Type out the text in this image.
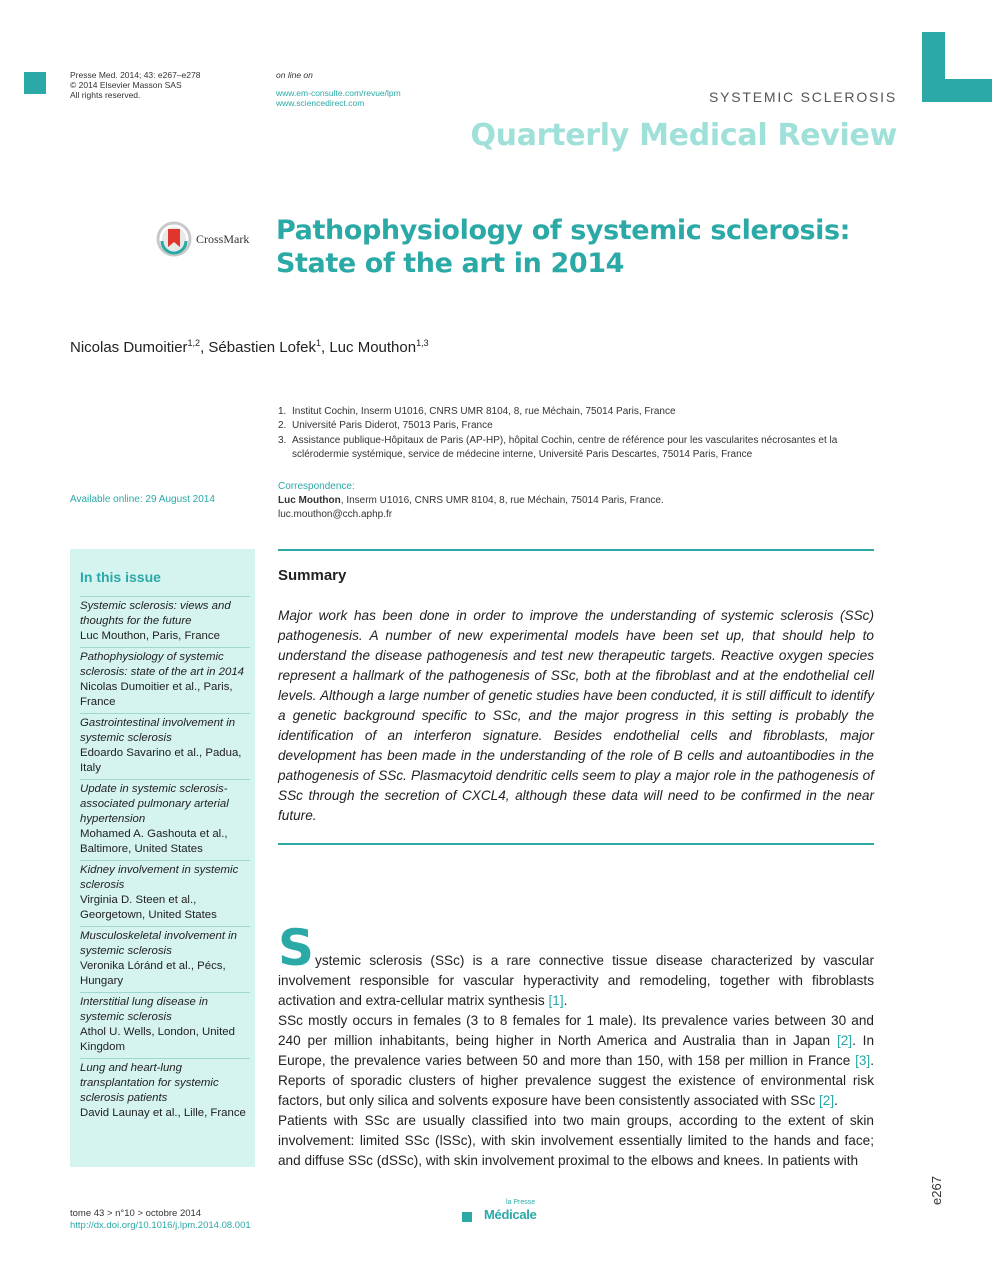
Presse Med. 2014; 43: e267–e278
© 2014 Elsevier Masson SAS
All rights reserved.
on line on
www.em-consulte.com/revue/lpm
www.sciencedirect.com	SYSTEMIC SCLEROSIS
Quarterly Medical Review
CrossMark Pathophysiology of systemic sclerosis:
State of the art in 2014
Nicolas Dumoitier$^{1,2}$, Sébastien Lofek$^1$, Luc Mouthon$^{1,3}$
1. Institut Cochin, Inserm U1016, CNRS UMR 8104, 8, rue Méchain, 75014 Paris, France
2. Université Paris Diderot, 75013 Paris, France
3. Assistance publique-Hôpitaux de Paris (AP-HP), hôpital Cochin, centre de référence pour les vascularites nécrosantes et la sclérodermie systémique, service de médecine interne, Université Paris Descartes, 75014 Paris, France
Available online: 29 August 2014
Correspondence:
Luc Mouthon, Inserm U1016, CNRS UMR 8104, 8, rue Méchain, 75014 Paris, France.
luc.mouthon@cch.aphp.fr
In this issue
Systemic sclerosis: views and thoughts for the future
Luc Mouthon, Paris, France
Pathophysiology of systemic sclerosis: state of the art in 2014
Nicolas Dumoitier et al., Paris, France
Gastrointestinal involvement in systemic sclerosis
Edoardo Savarino et al., Padua, Italy
Update in systemic sclerosis-associated pulmonary arterial hypertension
Mohamed A. Gashouta et al., Baltimore, United States
Kidney involvement in systemic sclerosis
Virginia D. Steen et al., Georgetown, United States
Musculoskeletal involvement in systemic sclerosis
Veronika Lóránd et al., Pécs, Hungary
Interstitial lung disease in systemic sclerosis
Athol U. Wells, London, United Kingdom
Lung and heart-lung transplantation for systemic sclerosis patients
David Launay et al., Lille, France
Summary
Major work has been done in order to improve the understanding of systemic sclerosis (SSc) pathogenesis. A number of new experimental models have been set up, that should help to understand the disease pathogenesis and test new therapeutic targets. Reactive oxygen species represent a hallmark of the pathogenesis of SSc, both at the fibroblast and at the endothelial cell levels. Although a large number of genetic studies have been conducted, it is still difficult to identify a genetic background specific to SSc, and the major progress in this setting is probably the identification of an interferon signature. Besides endothelial cells and fibroblasts, major development has been made in the understanding of the role of B cells and autoantibodies in the pathogenesis of SSc. Plasmacytoid dendritic cells seem to play a major role in the pathogenesis of SSc through the secretion of CXCL4, although these data will need to be confirmed in the near future.

Systemic sclerosis (SSc) is a rare connective tissue disease characterized by vascular involvement responsible for vascular hyperactivity and remodeling, together with fibroblasts activation and extra-cellular matrix synthesis [1].

SSc mostly occurs in females (3 to 8 females for 1 male). Its prevalence varies between 30 and 240 per million inhabitants, being higher in North America and Australia than in Japan [2]. In Europe, the prevalence varies between 50 and more than 150, with 158 per million in France [3]. Reports of sporadic clusters of higher prevalence suggest the existence of environmental risk factors, but only silica and solvents exposure have been consistently associated with SSc [2].

Patients with SSc are usually classified into two main groups, according to the extent of skin involvement: limited SSc (lSSc), with skin involvement essentially limited to the hands and face; and diffuse SSc (dSSc), with skin involvement proximal to the elbows and knees. In patients with

tome 43 > n°10 > octobre 2014
http://dx.doi.org/10.1016/j.lpm.2014.08.001
la Presse
Médicale
e267
